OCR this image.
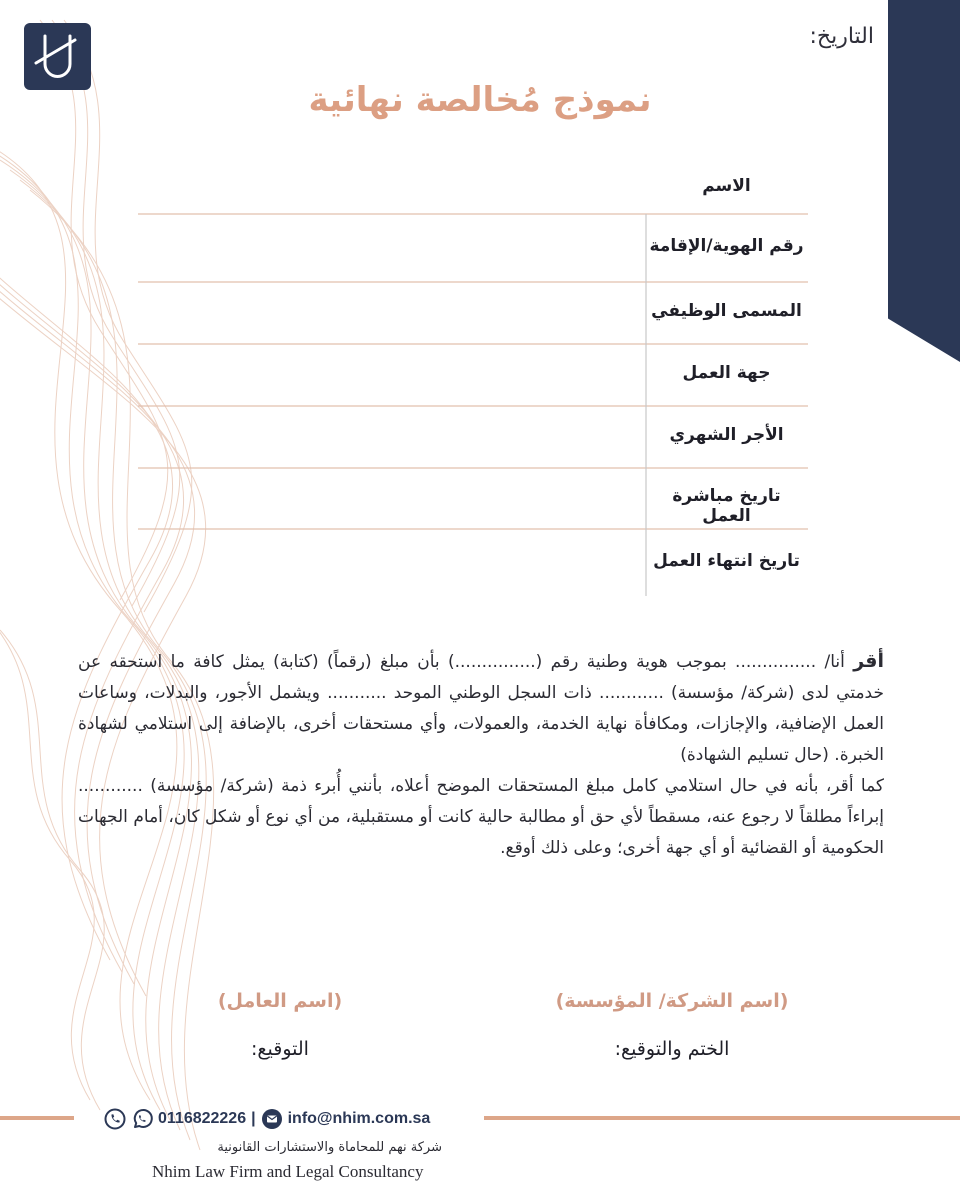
التاريخ:
نموذج مُخالصة نهائية
الاسم
رقم الهوية/الإقامة
المسمى الوظيفي
جهة العمل
الأجر الشهري
تاريخ مباشرة العمل
تاريخ انتهاء العمل

أقر أنا/ ............... بموجب هوية وطنية رقم (...............) بأن مبلغ (رقماً) (كتابة) يمثل كافة ما استحقه عن خدمتي لدى (شركة/ مؤسسة) ............ ذات السجل الوطني الموحد ........... ويشمل الأجور، والبدلات، وساعات العمل الإضافية، والإجازات، ومكافأة نهاية الخدمة، والعمولات، وأي مستحقات أخرى، بالإضافة إلى استلامي لشهادة الخبرة. (حال تسليم الشهادة)

كما أقر، بأنه في حال استلامي كامل مبلغ المستحقات الموضح أعلاه، بأنني أُبرء ذمة (شركة/ مؤسسة) ............ إبراءاً مطلقاً لا رجوع عنه، مسقطاً لأي حق أو مطالبة حالية كانت أو مستقبلية، من أي نوع أو شكل كان، أمام الجهات الحكومية أو القضائية أو أي جهة أخرى؛ وعلى ذلك أوقع.

(اسم الشركة/ المؤسسة)
الختم والتوقيع:
(اسم العامل)
التوقيع:
0116822226 | info@nhim.com.sa
شركة نهم للمحاماة والاستشارات القانونية
Nhim Law Firm and Legal Consultancy
